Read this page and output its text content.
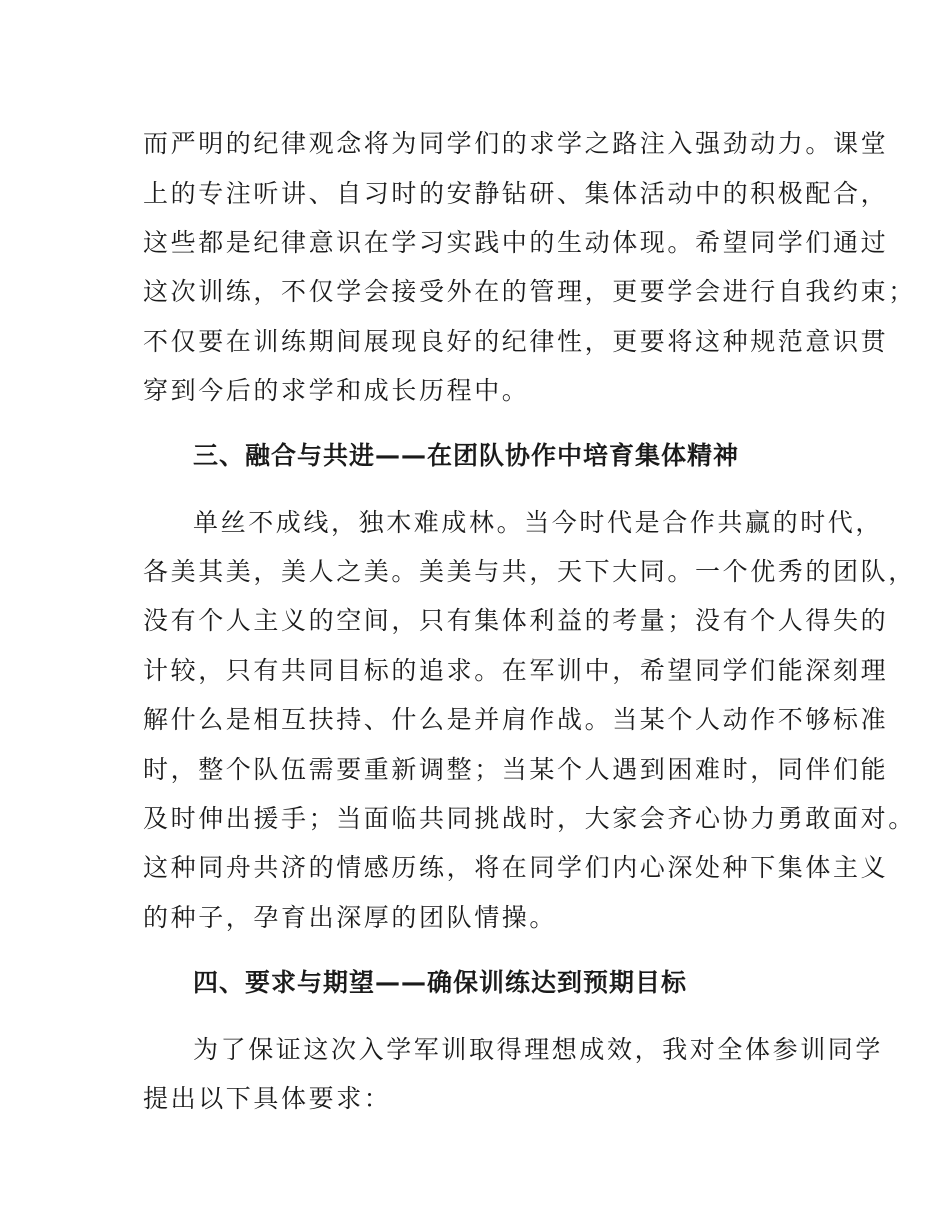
而严明的纪律观念将为同学们的求学之路注入强劲动力。课堂
上的专注听讲、自习时的安静钻研、集体活动中的积极配合，
这些都是纪律意识在学习实践中的生动体现。希望同学们通过
这次训练，不仅学会接受外在的管理，更要学会进行自我约束；
不仅要在训练期间展现良好的纪律性，更要将这种规范意识贯
穿到今后的求学和成长历程中。
三、融合与共进——在团队协作中培育集体精神
单丝不成线，独木难成林。当今时代是合作共赢的时代，
各美其美，美人之美。美美与共，天下大同。一个优秀的团队，
没有个人主义的空间，只有集体利益的考量；没有个人得失的
计较，只有共同目标的追求。在军训中，希望同学们能深刻理
解什么是相互扶持、什么是并肩作战。当某个人动作不够标准
时，整个队伍需要重新调整；当某个人遇到困难时，同伴们能
及时伸出援手；当面临共同挑战时，大家会齐心协力勇敢面对。
这种同舟共济的情感历练，将在同学们内心深处种下集体主义
的种子，孕育出深厚的团队情操。
四、要求与期望——确保训练达到预期目标
为了保证这次入学军训取得理想成效，我对全体参训同学
提出以下具体要求：
